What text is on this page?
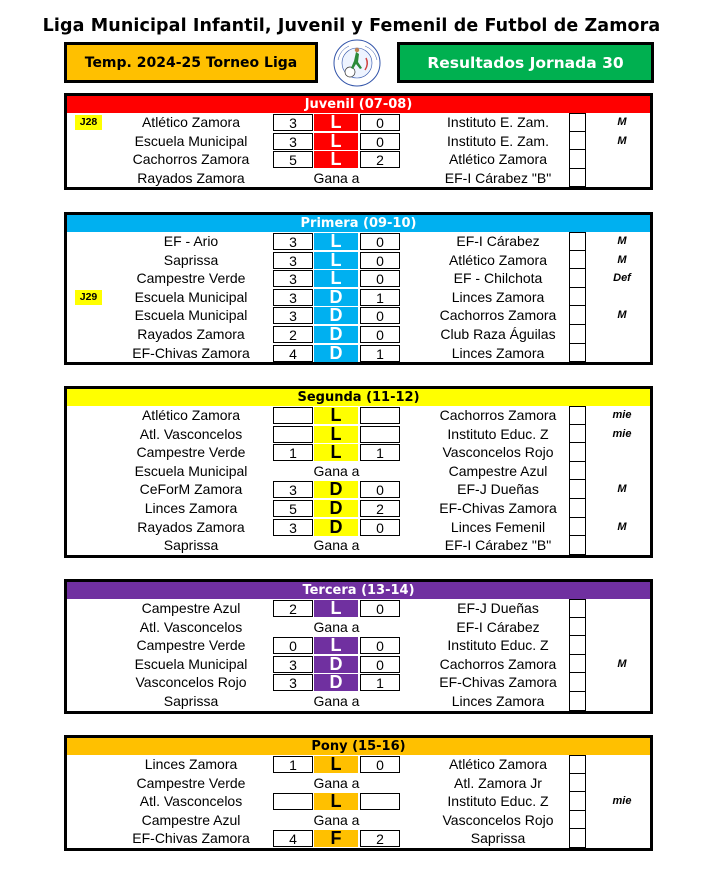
Liga Municipal Infantil, Juvenil y Femenil de Futbol de Zamora
Temp. 2024-25 Torneo Liga	Resultados Jornada 30
Juvenil (07-08)
J28	Atlético Zamora	3	L	0	Instituto E. Zam.	M
Escuela Municipal	3	L	0	Instituto E. Zam.	M
Cachorros Zamora	5	L	2	Atlético Zamora
Rayados Zamora	Gana a	EF-I Cárabez "B"
Primera (09-10)
EF - Ario	3	L	0	EF-I Cárabez	M
Saprissa	3	L	0	Atlético Zamora	M
Campestre Verde	3	L	0	EF - Chilchota	Def
J29	Escuela Municipal	3	D	1	Linces Zamora
Escuela Municipal	3	D	0	Cachorros Zamora	M
Rayados Zamora	2	D	0	Club Raza Águilas
EF-Chivas Zamora	4	D	1	Linces Zamora
Segunda (11-12)
Atlético Zamora	L	Cachorros Zamora	mie
Atl. Vasconcelos	L	Instituto Educ. Z	mie
Campestre Verde	1	L	1	Vasconcelos Rojo
Escuela Municipal	Gana a	Campestre Azul
CeForM Zamora	3	D	0	EF-J Dueñas	M
Linces Zamora	5	D	2	EF-Chivas Zamora
Rayados Zamora	3	D	0	Linces Femenil	M
Saprissa	Gana a	EF-I Cárabez "B"
Tercera (13-14)
Campestre Azul	2	L	0	EF-J Dueñas
Atl. Vasconcelos	Gana a	EF-I Cárabez
Campestre Verde	0	L	0	Instituto Educ. Z
Escuela Municipal	3	D	0	Cachorros Zamora	M
Vasconcelos Rojo	3	D	1	EF-Chivas Zamora
Saprissa	Gana a	Linces Zamora
Pony (15-16)
Linces Zamora	1	L	0	Atlético Zamora
Campestre Verde	Gana a	Atl. Zamora Jr
Atl. Vasconcelos	L	Instituto Educ. Z	mie
Campestre Azul	Gana a	Vasconcelos Rojo
EF-Chivas Zamora	4	F	2	Saprissa
